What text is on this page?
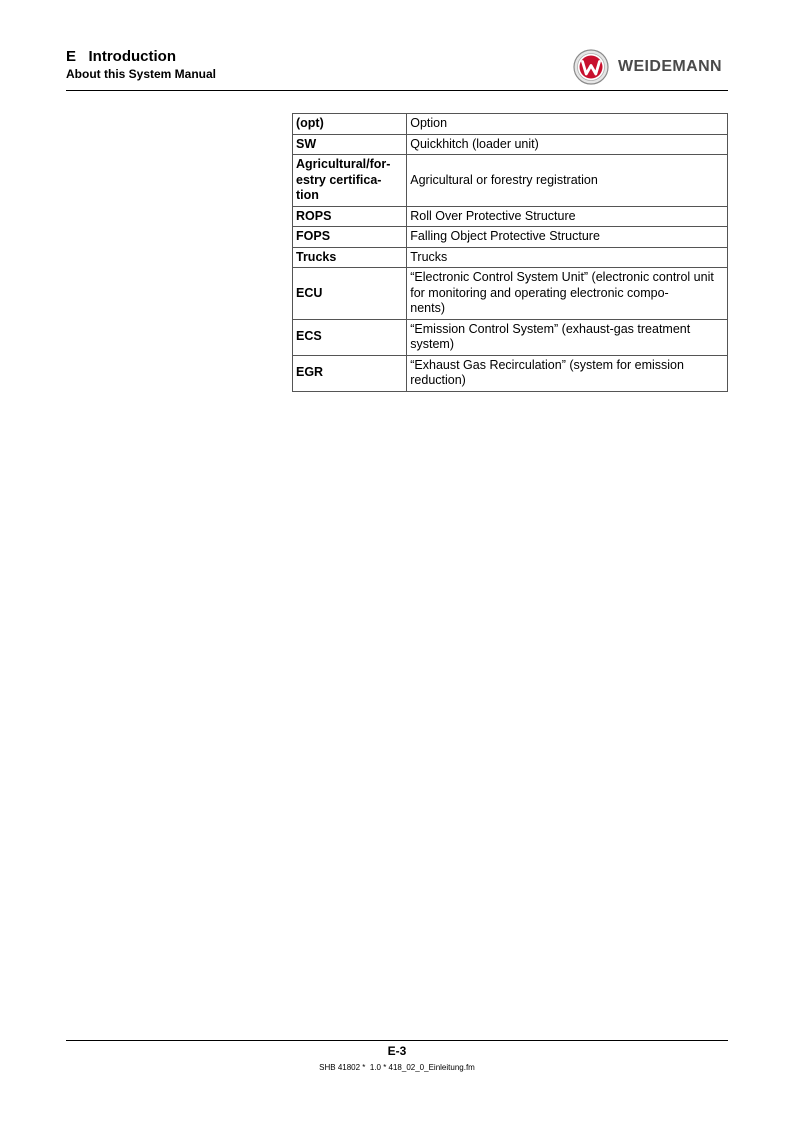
E   Introduction
About this System Manual	WEIDEMANN
(opt)	Option
SW	Quickhitch (loader unit)
Agricultural/for-
estry certifica-
tion	Agricultural or forestry registration
ROPS	Roll Over Protective Structure
FOPS	Falling Object Protective Structure
Trucks	Trucks
ECU	“Electronic Control System Unit” (electronic control unit for monitoring and operating electronic compo-
nents)
ECS	“Emission Control System” (exhaust-gas treatment system)
EGR	“Exhaust Gas Recirculation” (system for emission reduction)
E-3
SHB 41802 *  1.0 * 418_02_0_Einleitung.fm
